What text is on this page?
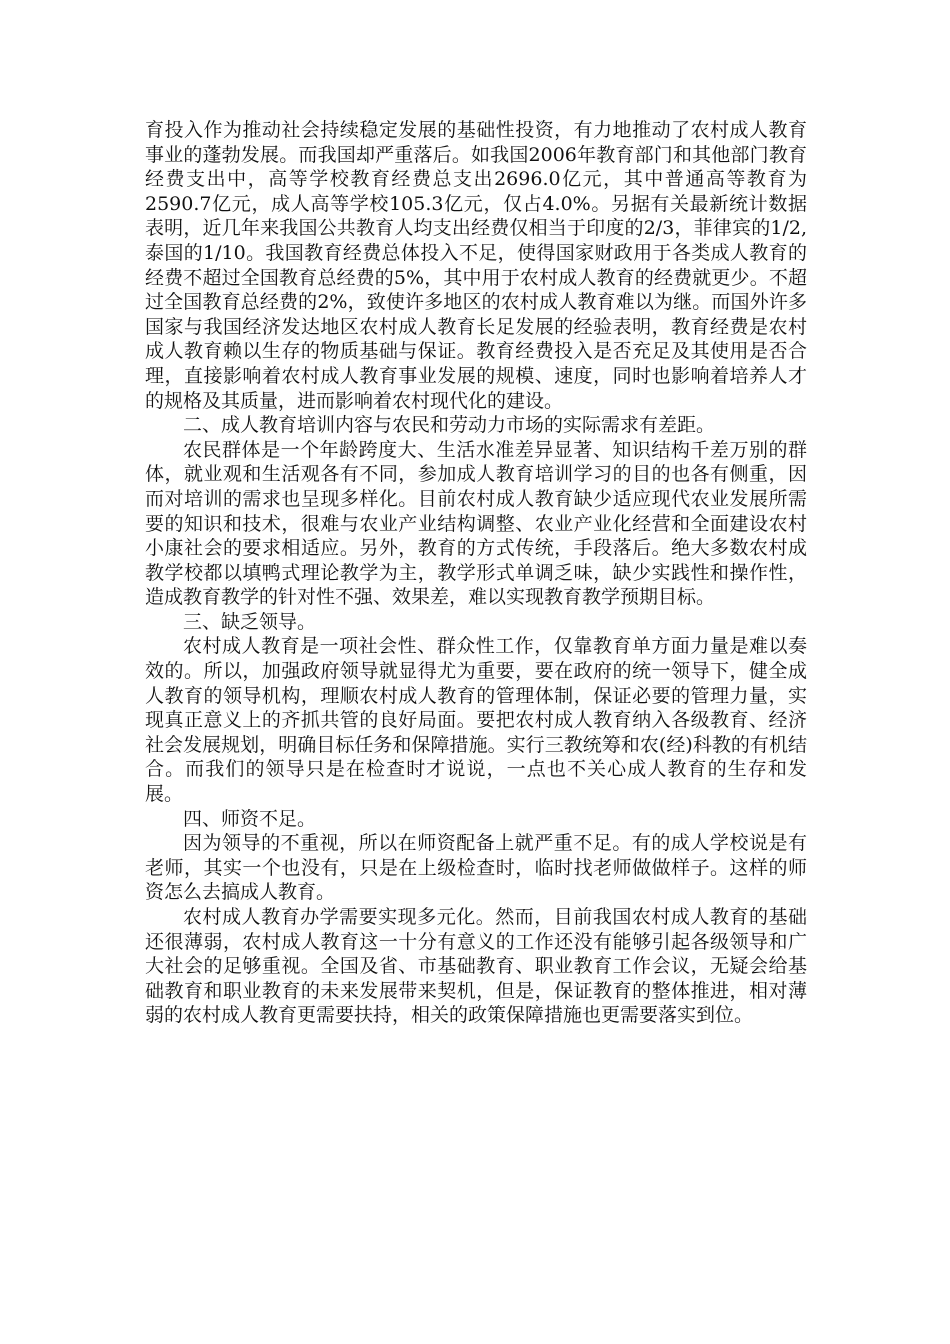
育投入作为推动社会持续稳定发展的基础性投资，有力地推动了农村成人教育事业的蓬勃发展。而我国却严重落后。如我国2006年教育部门和其他部门教育经费支出中，高等学校教育经费总支出2696.0亿元，其中普通高等教育为2590.7亿元，成人高等学校105.3亿元，仅占4.0%。另据有关最新统计数据表明，近几年来我国公共教育人均支出经费仅相当于印度的2/3，菲律宾的1/2,泰国的1/10。我国教育经费总体投入不足，使得国家财政用于各类成人教育的经费不超过全国教育总经费的5%，其中用于农村成人教育的经费就更少。不超过全国教育总经费的2%，致使许多地区的农村成人教育难以为继。而国外许多国家与我国经济发达地区农村成人教育长足发展的经验表明，教育经费是农村成人教育赖以生存的物质基础与保证。教育经费投入是否充足及其使用是否合理，直接影响着农村成人教育事业发展的规模、速度，同时也影响着培养人才的规格及其质量，进而影响着农村现代化的建设。

二、成人教育培训内容与农民和劳动力市场的实际需求有差距。

农民群体是一个年龄跨度大、生活水准差异显著、知识结构千差万别的群体，就业观和生活观各有不同，参加成人教育培训学习的目的也各有侧重，因而对培训的需求也呈现多样化。目前农村成人教育缺少适应现代农业发展所需要的知识和技术，很难与农业产业结构调整、农业产业化经营和全面建设农村小康社会的要求相适应。另外，教育的方式传统，手段落后。绝大多数农村成教学校都以填鸭式理论教学为主，教学形式单调乏味，缺少实践性和操作性，造成教育教学的针对性不强、效果差，难以实现教育教学预期目标。

三、缺乏领导。

农村成人教育是一项社会性、群众性工作，仅靠教育单方面力量是难以奏效的。所以，加强政府领导就显得尤为重要，要在政府的统一领导下，健全成人教育的领导机构，理顺农村成人教育的管理体制，保证必要的管理力量，实现真正意义上的齐抓共管的良好局面。要把农村成人教育纳入各级教育、经济社会发展规划，明确目标任务和保障措施。实行三教统筹和农(经)科教的有机结合。而我们的领导只是在检查时才说说，一点也不关心成人教育的生存和发展。

四、师资不足。

因为领导的不重视，所以在师资配备上就严重不足。有的成人学校说是有老师，其实一个也没有，只是在上级检查时，临时找老师做做样子。这样的师资怎么去搞成人教育。

农村成人教育办学需要实现多元化。然而，目前我国农村成人教育的基础还很薄弱，农村成人教育这一十分有意义的工作还没有能够引起各级领导和广大社会的足够重视。全国及省、市基础教育、职业教育工作会议，无疑会给基础教育和职业教育的未来发展带来契机，但是，保证教育的整体推进，相对薄弱的农村成人教育更需要扶持，相关的政策保障措施也更需要落实到位。
